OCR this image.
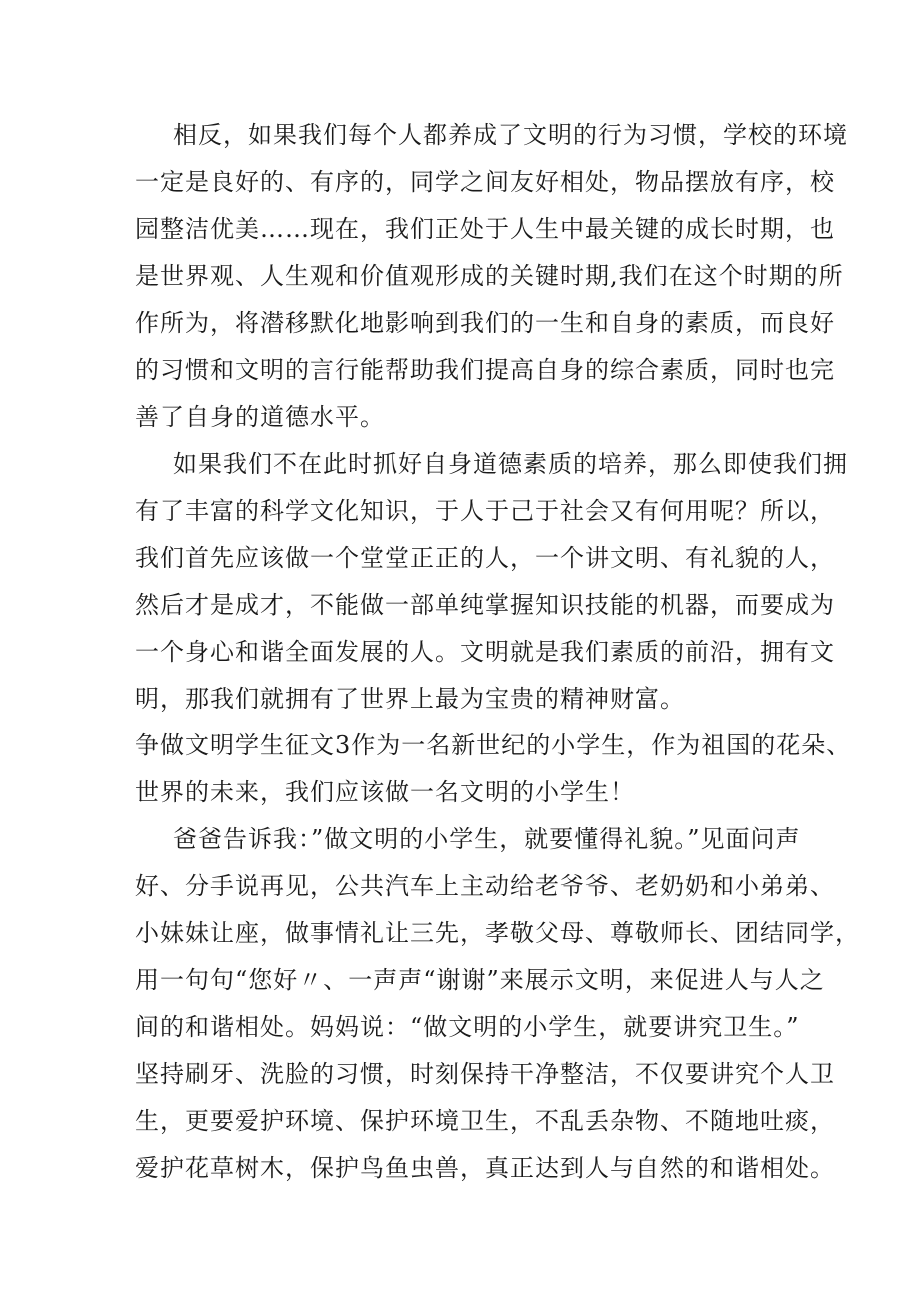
相反，如果我们每个人都养成了文明的行为习惯，学校的环境

一定是良好的、有序的，同学之间友好相处，物品摆放有序，校

园整洁优美……现在，我们正处于人生中最关键的成长时期，也

是世界观、人生观和价值观形成的关键时期,我们在这个时期的所

作所为，将潜移默化地影响到我们的一生和自身的素质，而良好

的习惯和文明的言行能帮助我们提高自身的综合素质，同时也完

善了自身的道德水平。

如果我们不在此时抓好自身道德素质的培养，那么即使我们拥

有了丰富的科学文化知识，于人于己于社会又有何用呢？所以，

我们首先应该做一个堂堂正正的人，一个讲文明、有礼貌的人，

然后才是成才，不能做一部单纯掌握知识技能的机器，而要成为

一个身心和谐全面发展的人。文明就是我们素质的前沿，拥有文

明，那我们就拥有了世界上最为宝贵的精神财富。

争做文明学生征文3作为一名新世纪的小学生，作为祖国的花朵、

世界的未来，我们应该做一名文明的小学生！

爸爸告诉我：”做文明的小学生，就要懂得礼貌。”见面问声

好、分手说再见，公共汽车上主动给老爷爷、老奶奶和小弟弟、

小妹妹让座，做事情礼让三先，孝敬父母、尊敬师长、团结同学，

用一句句“您好〃、一声声“谢谢”来展示文明，来促进人与人之

间的和谐相处。妈妈说：“做文明的小学生，就要讲究卫生。”

坚持刷牙、洗脸的习惯，时刻保持干净整洁，不仅要讲究个人卫

生，更要爱护环境、保护环境卫生，不乱丢杂物、不随地吐痰，

爱护花草树木，保护鸟鱼虫兽，真正达到人与自然的和谐相处。
